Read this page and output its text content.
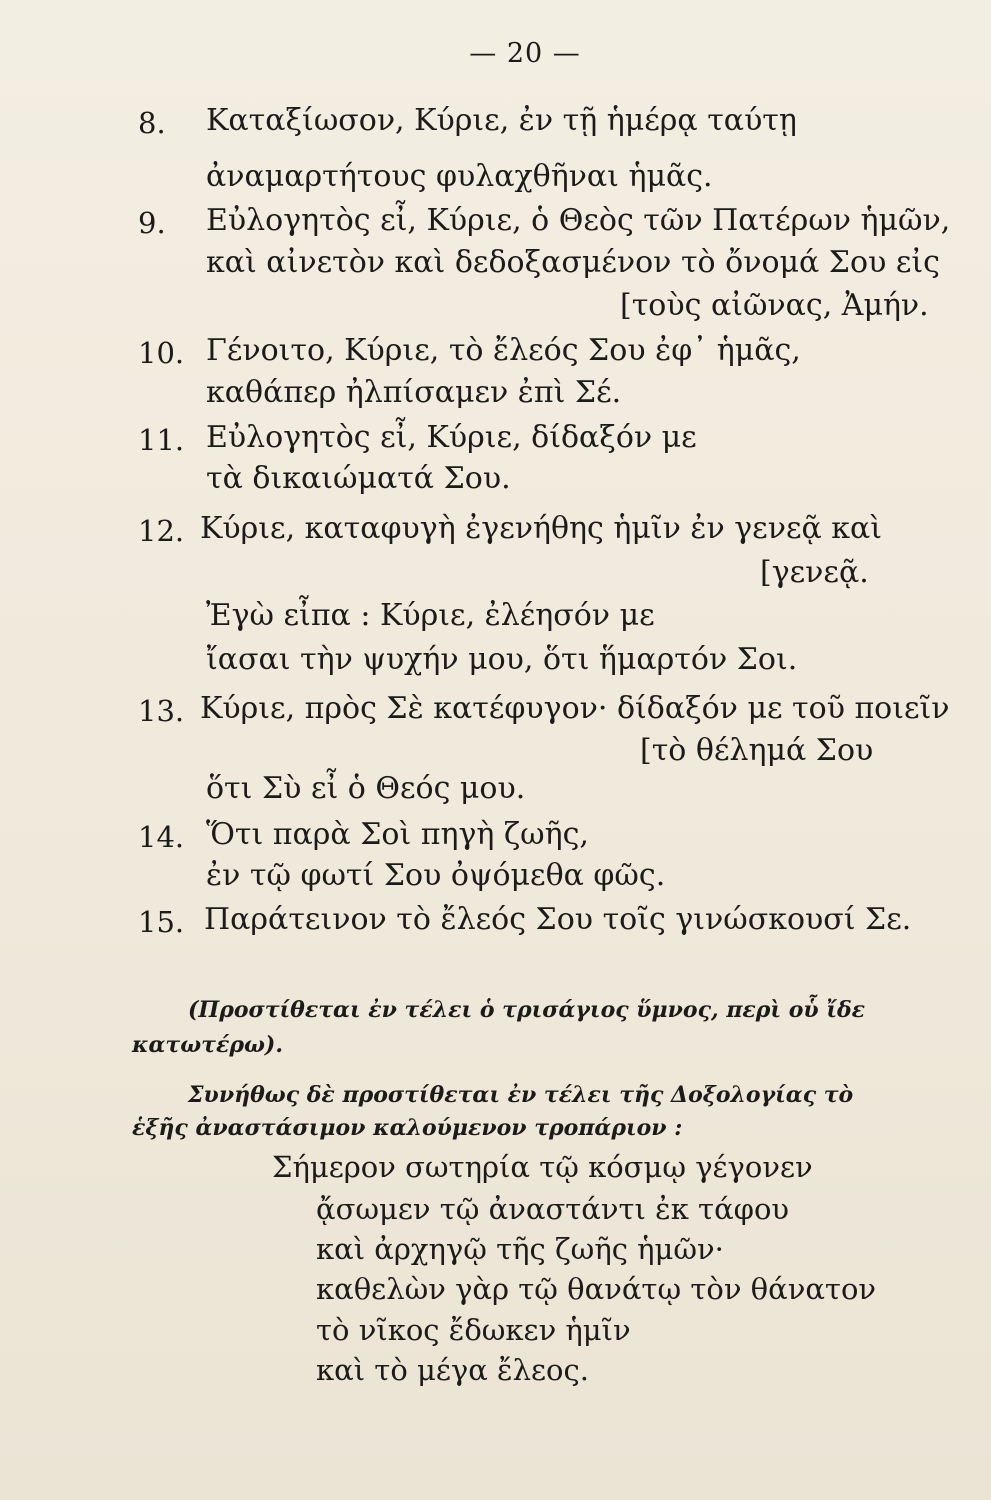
— 20 —
8.	Καταξίωσον, Κύριε, ἐν τῇ ἡμέρᾳ ταύτῃ
ἀναμαρτήτους φυλαχθῆναι ἡμᾶς.
9.	Εὐλογητὸς εἶ, Κύριε, ὁ Θεὸς τῶν Πατέρων ἡμῶν,
καὶ αἰνετὸν καὶ δεδοξασμένον τὸ ὄνομά Σου εἰς
[τοὺς αἰῶνας, Ἀμήν.
10. Γένοιτο, Κύριε, τὸ ἔλεός Σου ἐφ᾽ ἡμᾶς,
καθάπερ ἠλπίσαμεν ἐπὶ Σέ.
11. Εὐλογητὸς εἶ, Κύριε, δίδαξόν με
τὰ δικαιώματά Σου.
12. Κύριε, καταφυγὴ ἐγενήθης ἡμῖν ἐν γενεᾷ καὶ
[γενεᾷ.
Ἐγὼ εἶπα : Κύριε, ἐλέησόν με
ἴασαι τὴν ψυχήν μου, ὅτι ἥμαρτόν Σοι.
13. Κύριε, πρὸς Σὲ κατέφυγον· δίδαξόν με τοῦ ποιεῖν
[τὸ θέλημά Σου
ὅτι Σὺ εἶ ὁ Θεός μου.
14. Ὅτι παρὰ Σοὶ πηγὴ ζωῆς,
ἐν τῷ φωτί Σου ὀψόμεθα φῶς.
15. Παράτεινον τὸ ἔλεός Σου τοῖς γινώσκουσί Σε.
(Προστίθεται ἐν τέλει ὁ τρισάγιος ὕμνος, περὶ οὗ ἴδε
κατωτέρω).
Συνήθως δὲ προστίθεται ἐν τέλει τῆς Δοξολογίας τὸ
ἑξῆς ἀναστάσιμον καλούμενον τροπάριον :
Σήμερον σωτηρία τῷ κόσμῳ γέγονεν
ᾄσωμεν τῷ ἀναστάντι ἐκ τάφου
καὶ ἀρχηγῷ τῆς ζωῆς ἡμῶν·
καθελὼν γὰρ τῷ θανάτῳ τὸν θάνατον
τὸ νῖκος ἔδωκεν ἡμῖν
καὶ τὸ μέγα ἔλεος.
